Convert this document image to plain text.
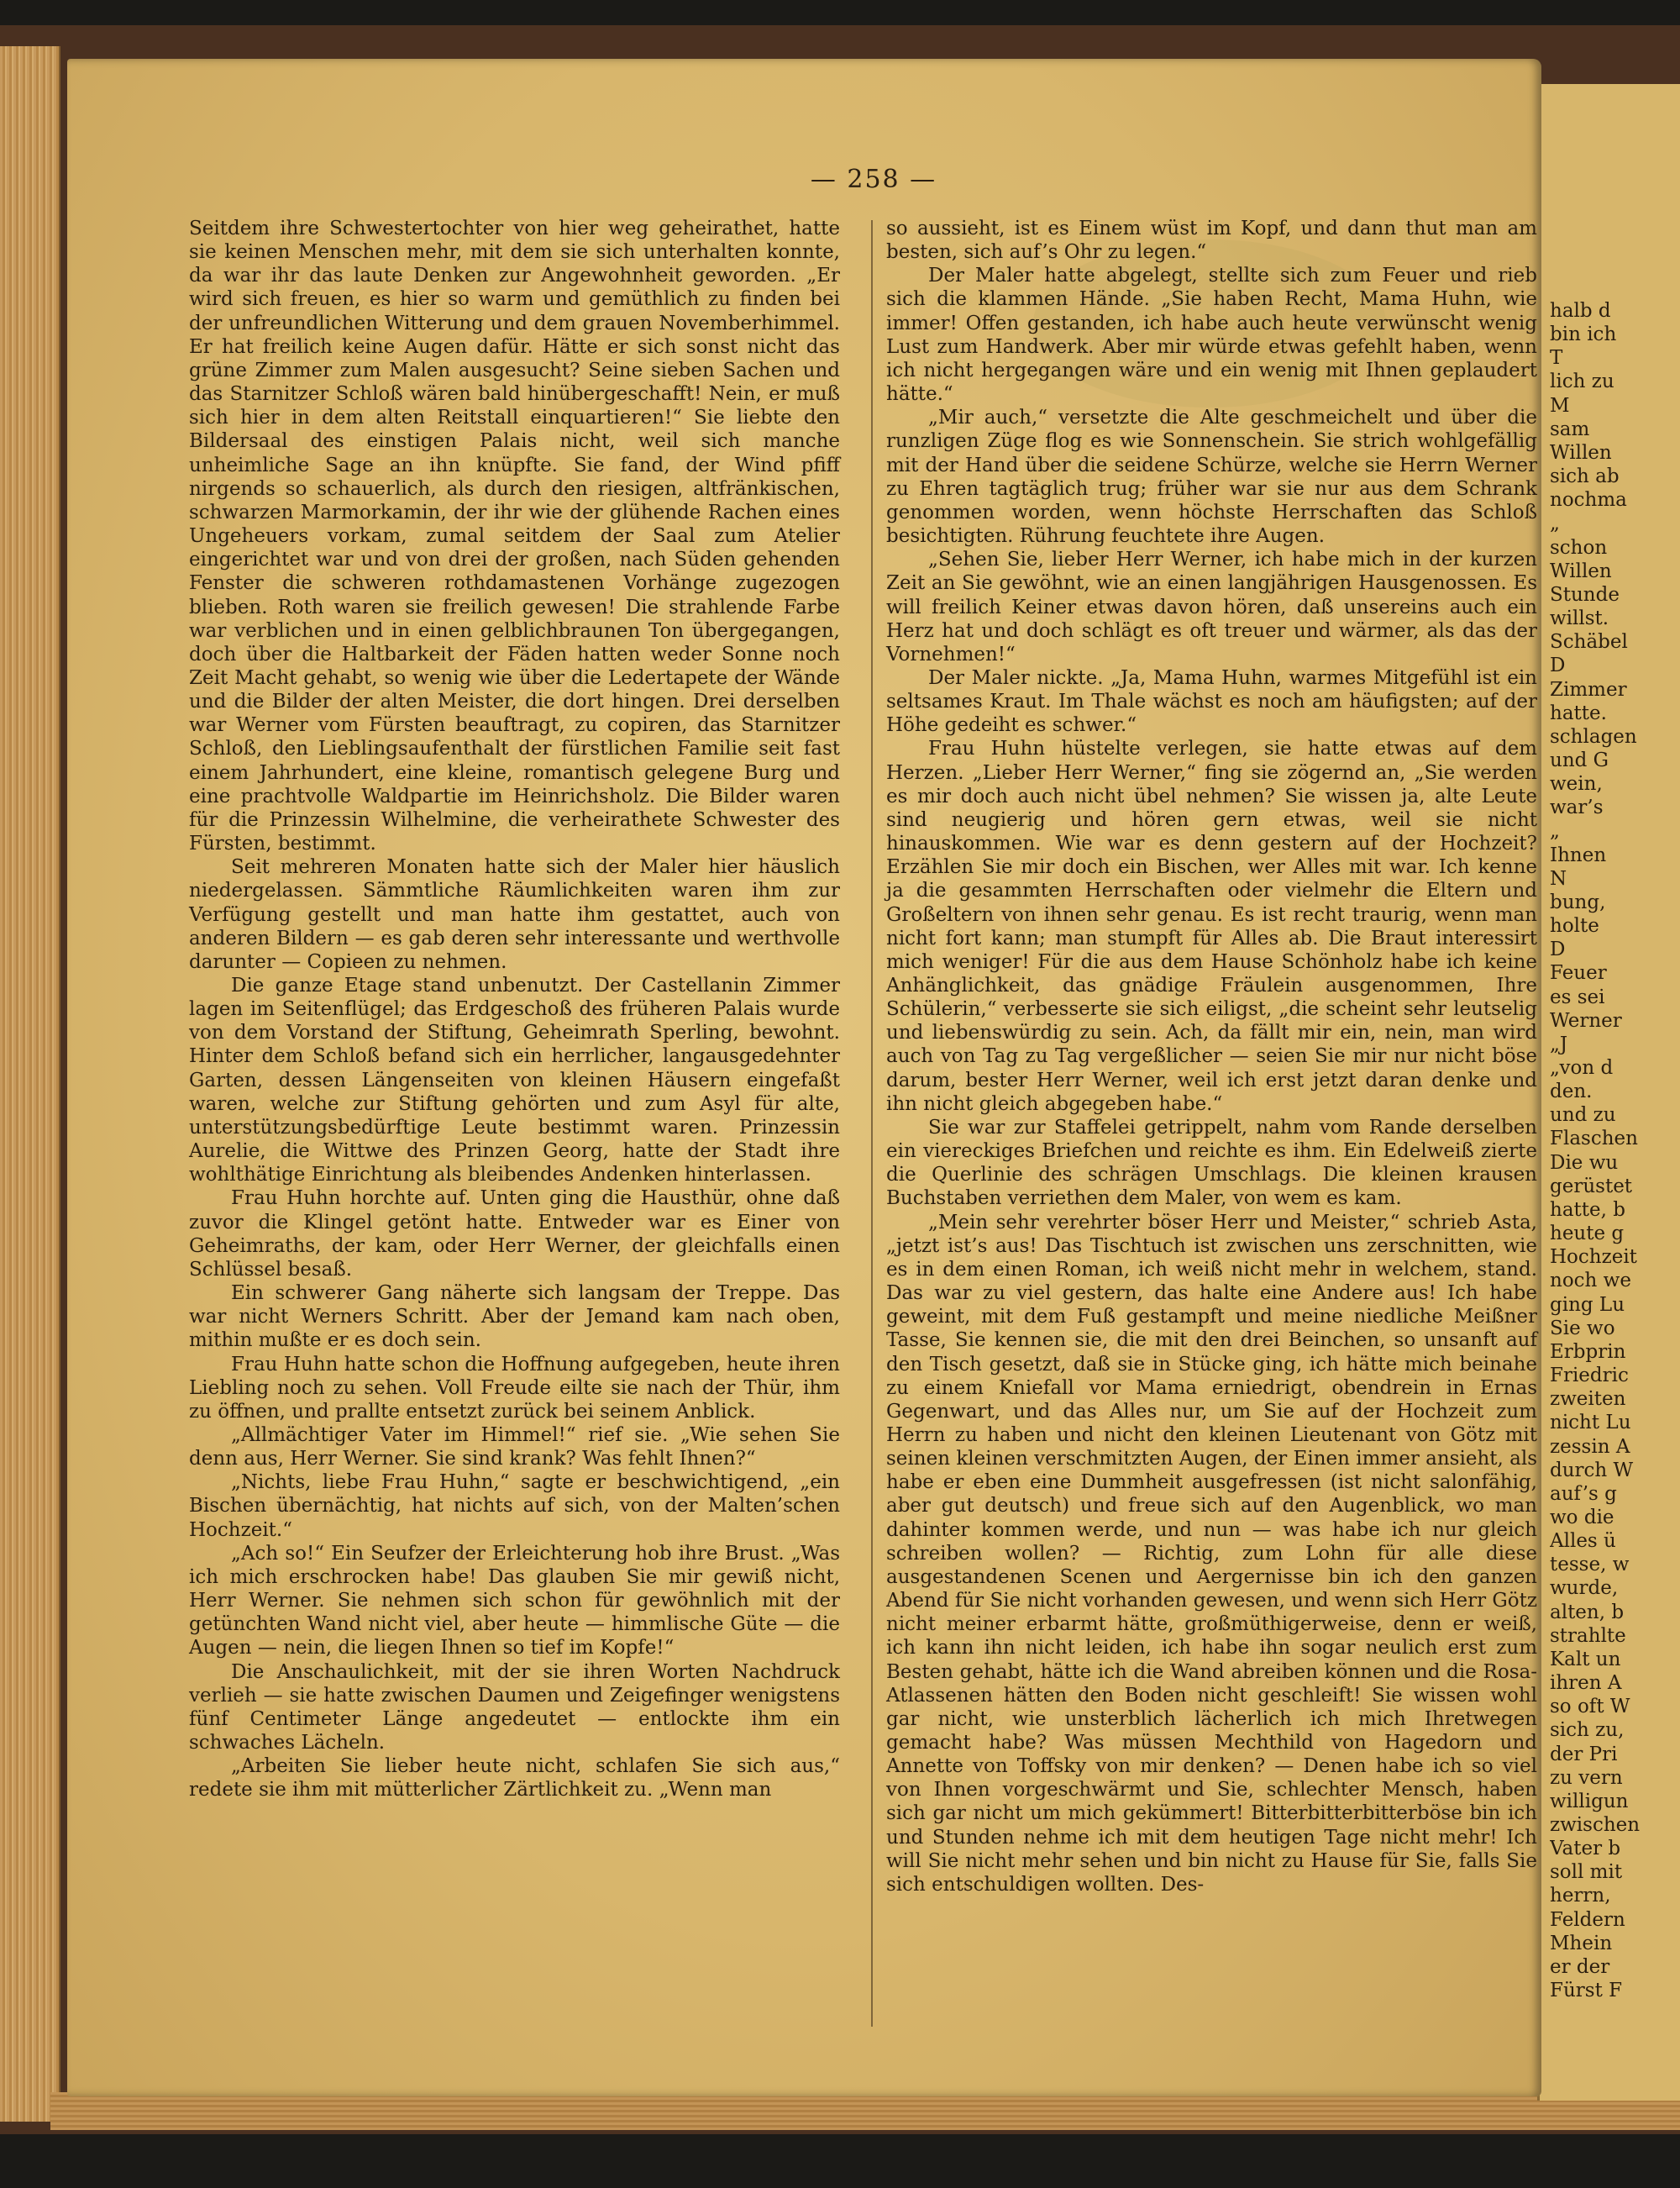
halb d
bin ich
T
lich zu
M
sam
Willen
sich ab
nochma
„
schon
Willen
Stunde
willst.
Schäbel
D
Zimmer
hatte.
schlagen
und G
wein,
war’s
„
Ihnen
N
bung,
holte
D
Feuer
es sei
Werner
„J
„von d
den.
und zu
Flaschen
Die wu
gerüstet
hatte, b
heute g
Hochzeit
noch we
ging Lu
Sie wo
Erbprin
Friedric
zweiten
nicht Lu
zessin A
durch W
auf’s g
wo die
Alles ü
tesse, w
wurde,
alten, b
strahlte
Kalt un
ihren A
so oft W
sich zu,
der Pri
zu vern
willigun
zwischen
Vater b
soll mit
herrn,
Feldern
Mhein
er der
Fürst F
— 258 —

Seitdem ihre Schwestertochter von hier weg geheirathet, hatte sie keinen Menschen mehr, mit dem sie sich unterhalten konnte, da war ihr das laute Denken zur Angewohnheit geworden. „Er wird sich freuen, es hier so warm und gemüthlich zu finden bei der unfreundlichen Witterung und dem grauen Novemberhimmel. Er hat freilich keine Augen dafür. Hätte er sich sonst nicht das grüne Zimmer zum Malen ausgesucht? Seine sieben Sachen und das Starnitzer Schloß wären bald hinübergeschafft! Nein, er muß sich hier in dem alten Reitstall einquartieren!“ Sie liebte den Bildersaal des einstigen Palais nicht, weil sich manche unheimliche Sage an ihn knüpfte. Sie fand, der Wind pfiff nirgends so schauerlich, als durch den riesigen, altfränkischen, schwarzen Marmorkamin, der ihr wie der glühende Rachen eines Ungeheuers vorkam, zumal seitdem der Saal zum Atelier eingerichtet war und von drei der großen, nach Süden gehenden Fenster die schweren rothdamastenen Vorhänge zugezogen blieben. Roth waren sie freilich gewesen! Die strahlende Farbe war verblichen und in einen gelblichbraunen Ton übergegangen, doch über die Haltbarkeit der Fäden hatten weder Sonne noch Zeit Macht gehabt, so wenig wie über die Ledertapete der Wände und die Bilder der alten Meister, die dort hingen. Drei derselben war Werner vom Fürsten beauftragt, zu copiren, das Starnitzer Schloß, den Lieblingsaufenthalt der fürstlichen Familie seit fast einem Jahrhundert, eine kleine, romantisch gelegene Burg und eine prachtvolle Waldpartie im Heinrichsholz. Die Bilder waren für die Prinzessin Wilhelmine, die verheirathete Schwester des Fürsten, bestimmt.

Seit mehreren Monaten hatte sich der Maler hier häuslich niedergelassen. Sämmtliche Räumlichkeiten waren ihm zur Verfügung gestellt und man hatte ihm gestattet, auch von anderen Bildern — es gab deren sehr interessante und werthvolle darunter — Copieen zu nehmen.

Die ganze Etage stand unbenutzt. Der Castellanin Zimmer lagen im Seitenflügel; das Erdgeschoß des früheren Palais wurde von dem Vorstand der Stiftung, Geheimrath Sperling, bewohnt. Hinter dem Schloß befand sich ein herrlicher, langausgedehnter Garten, dessen Längenseiten von kleinen Häusern eingefaßt waren, welche zur Stiftung gehörten und zum Asyl für alte, unterstützungsbedürftige Leute bestimmt waren. Prinzessin Aurelie, die Wittwe des Prinzen Georg, hatte der Stadt ihre wohlthätige Einrichtung als bleibendes Andenken hinterlassen.

Frau Huhn horchte auf. Unten ging die Hausthür, ohne daß zuvor die Klingel getönt hatte. Entweder war es Einer von Geheimraths, der kam, oder Herr Werner, der gleichfalls einen Schlüssel besaß.

Ein schwerer Gang näherte sich langsam der Treppe. Das war nicht Werners Schritt. Aber der Jemand kam nach oben, mithin mußte er es doch sein.

Frau Huhn hatte schon die Hoffnung aufgegeben, heute ihren Liebling noch zu sehen. Voll Freude eilte sie nach der Thür, ihm zu öffnen, und prallte entsetzt zurück bei seinem Anblick.

„Allmächtiger Vater im Himmel!“ rief sie. „Wie sehen Sie denn aus, Herr Werner. Sie sind krank? Was fehlt Ihnen?“

„Nichts, liebe Frau Huhn,“ sagte er beschwichtigend, „ein Bischen übernächtig, hat nichts auf sich, von der Malten’schen Hochzeit.“

„Ach so!“ Ein Seufzer der Erleichterung hob ihre Brust. „Was ich mich erschrocken habe! Das glauben Sie mir gewiß nicht, Herr Werner. Sie nehmen sich schon für gewöhnlich mit der getünchten Wand nicht viel, aber heute — himmlische Güte — die Augen — nein, die liegen Ihnen so tief im Kopfe!“

Die Anschaulichkeit, mit der sie ihren Worten Nachdruck verlieh — sie hatte zwischen Daumen und Zeigefinger wenigstens fünf Centimeter Länge angedeutet — entlockte ihm ein schwaches Lächeln.

„Arbeiten Sie lieber heute nicht, schlafen Sie sich aus,“ redete sie ihm mit mütterlicher Zärtlichkeit zu. „Wenn man

so aussieht, ist es Einem wüst im Kopf, und dann thut man am besten, sich auf’s Ohr zu legen.“

Der Maler hatte abgelegt, stellte sich zum Feuer und rieb sich die klammen Hände. „Sie haben Recht, Mama Huhn, wie immer! Offen gestanden, ich habe auch heute verwünscht wenig Lust zum Handwerk. Aber mir würde etwas gefehlt haben, wenn ich nicht hergegangen wäre und ein wenig mit Ihnen geplaudert hätte.“

„Mir auch,“ versetzte die Alte geschmeichelt und über die runzligen Züge flog es wie Sonnenschein. Sie strich wohlgefällig mit der Hand über die seidene Schürze, welche sie Herrn Werner zu Ehren tagtäglich trug; früher war sie nur aus dem Schrank genommen worden, wenn höchste Herrschaften das Schloß besichtigten. Rührung feuchtete ihre Augen.

„Sehen Sie, lieber Herr Werner, ich habe mich in der kurzen Zeit an Sie gewöhnt, wie an einen langjährigen Hausgenossen. Es will freilich Keiner etwas davon hören, daß unsereins auch ein Herz hat und doch schlägt es oft treuer und wärmer, als das der Vornehmen!“

Der Maler nickte. „Ja, Mama Huhn, warmes Mitgefühl ist ein seltsames Kraut. Im Thale wächst es noch am häufigsten; auf der Höhe gedeiht es schwer.“

Frau Huhn hüstelte verlegen, sie hatte etwas auf dem Herzen. „Lieber Herr Werner,“ fing sie zögernd an, „Sie werden es mir doch auch nicht übel nehmen? Sie wissen ja, alte Leute sind neugierig und hören gern etwas, weil sie nicht hinauskommen. Wie war es denn gestern auf der Hochzeit? Erzählen Sie mir doch ein Bischen, wer Alles mit war. Ich kenne ja die gesammten Herrschaften oder vielmehr die Eltern und Großeltern von ihnen sehr genau. Es ist recht traurig, wenn man nicht fort kann; man stumpft für Alles ab. Die Braut interessirt mich weniger! Für die aus dem Hause Schönholz habe ich keine Anhänglichkeit, das gnädige Fräulein ausgenommen, Ihre Schülerin,“ verbesserte sie sich eiligst, „die scheint sehr leutselig und liebenswürdig zu sein. Ach, da fällt mir ein, nein, man wird auch von Tag zu Tag vergeßlicher — seien Sie mir nur nicht böse darum, bester Herr Werner, weil ich erst jetzt daran denke und ihn nicht gleich abgegeben habe.“

Sie war zur Staffelei getrippelt, nahm vom Rande derselben ein viereckiges Briefchen und reichte es ihm. Ein Edelweiß zierte die Querlinie des schrägen Umschlags. Die kleinen krausen Buchstaben verriethen dem Maler, von wem es kam.

„Mein sehr verehrter böser Herr und Meister,“ schrieb Asta, „jetzt ist’s aus! Das Tischtuch ist zwischen uns zerschnitten, wie es in dem einen Roman, ich weiß nicht mehr in welchem, stand. Das war zu viel gestern, das halte eine Andere aus! Ich habe geweint, mit dem Fuß gestampft und meine niedliche Meißner Tasse, Sie kennen sie, die mit den drei Beinchen, so unsanft auf den Tisch gesetzt, daß sie in Stücke ging, ich hätte mich beinahe zu einem Kniefall vor Mama erniedrigt, obendrein in Ernas Gegenwart, und das Alles nur, um Sie auf der Hochzeit zum Herrn zu haben und nicht den kleinen Lieutenant von Götz mit seinen kleinen verschmitzten Augen, der Einen immer ansieht, als habe er eben eine Dummheit ausgefressen (ist nicht salonfähig, aber gut deutsch) und freue sich auf den Augenblick, wo man dahinter kommen werde, und nun — was habe ich nur gleich schreiben wollen? — Richtig, zum Lohn für alle diese ausgestandenen Scenen und Aergernisse bin ich den ganzen Abend für Sie nicht vorhanden gewesen, und wenn sich Herr Götz nicht meiner erbarmt hätte, großmüthigerweise, denn er weiß, ich kann ihn nicht leiden, ich habe ihn sogar neulich erst zum Besten gehabt, hätte ich die Wand abreiben können und die Rosa-Atlassenen hätten den Boden nicht geschleift! Sie wissen wohl gar nicht, wie unsterblich lächerlich ich mich Ihretwegen gemacht habe? Was müssen Mechthild von Hagedorn und Annette von Toffsky von mir denken? — Denen habe ich so viel von Ihnen vorgeschwärmt und Sie, schlechter Mensch, haben sich gar nicht um mich gekümmert! Bitterbitterbitterböse bin ich und Stunden nehme ich mit dem heutigen Tage nicht mehr! Ich will Sie nicht mehr sehen und bin nicht zu Hause für Sie, falls Sie sich entschuldigen wollten. Des-
